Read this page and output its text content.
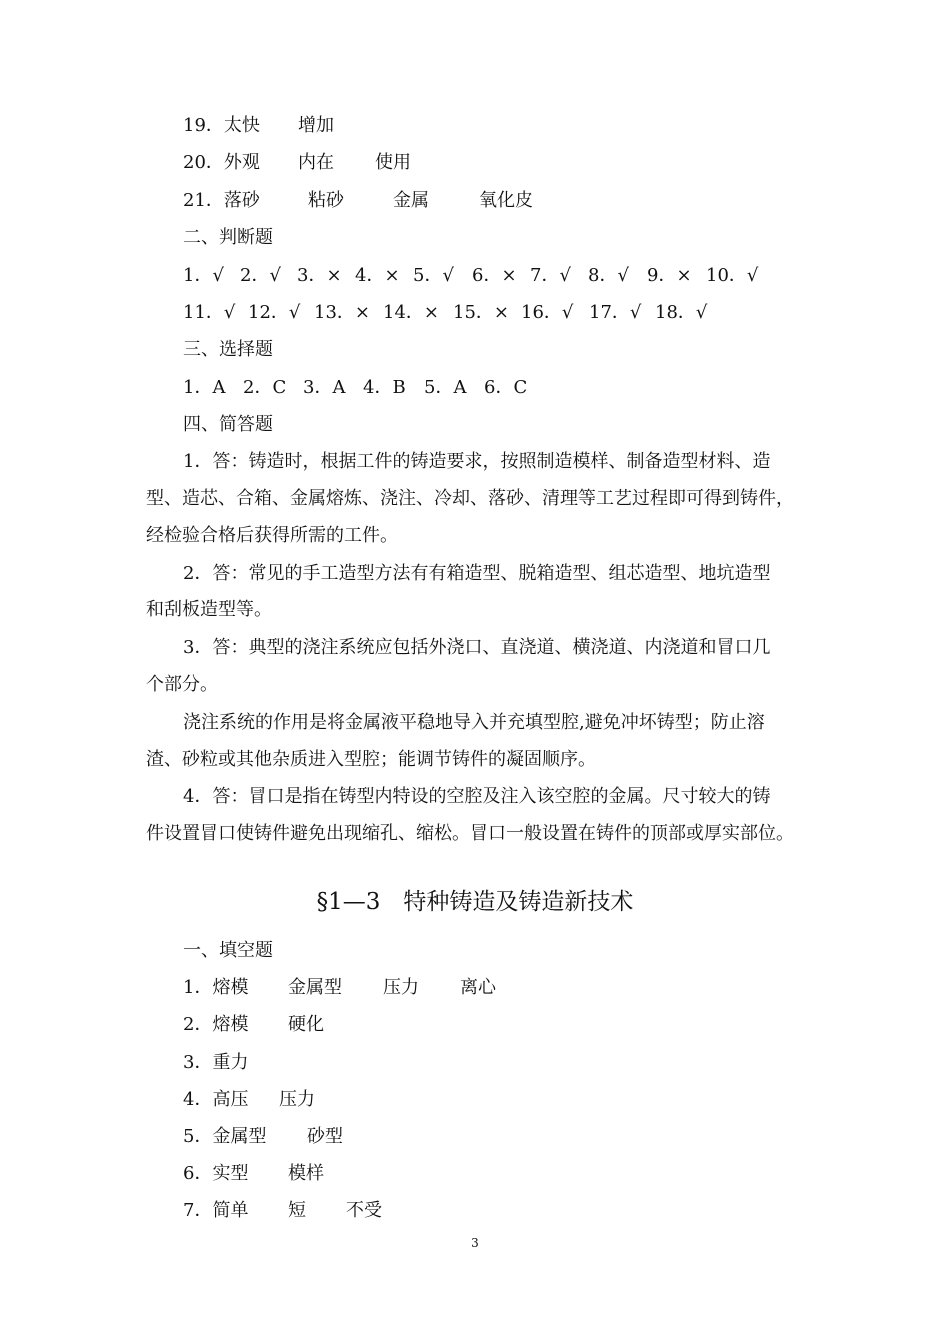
19．太快 增加
20．外观 内在 使用
21．落砂	粘砂	金属	氧化皮
二、判断题
1．√ 2．√ 3．× 4．× 5．√ 6．× 7．√ 8．√ 9．× 10．√
11．√ 12．√ 13．× 14．× 15．× 16．√ 17．√ 18．√
三、选择题
1．A 2．C 3．A 4．B 5．A 6．C
四、简答题
1．答：铸造时，根据工件的铸造要求，按照制造模样、制备造型材料、造
型、造芯、合箱、金属熔炼、浇注、冷却、落砂、清理等工艺过程即可得到铸件，
经检验合格后获得所需的工件。
2．答：常见的手工造型方法有有箱造型、脱箱造型、组芯造型、地坑造型
和刮板造型等。
3．答：典型的浇注系统应包括外浇口、直浇道、横浇道、内浇道和冒口几
个部分。
浇注系统的作用是将金属液平稳地导入并充填型腔,避免冲坏铸型；防止溶
渣、砂粒或其他杂质进入型腔；能调节铸件的凝固顺序。
4．答：冒口是指在铸型内特设的空腔及注入该空腔的金属。尺寸较大的铸
件设置冒口使铸件避免出现缩孔、缩松。冒口一般设置在铸件的顶部或厚实部位。
§1—3　特种铸造及铸造新技术
一、填空题
1．熔模 金属型 压力 离心
2．熔模 硬化
3．重力
4．高压 压力
5．金属型 砂型
6．实型 模样
7．简单 短 不受
3
